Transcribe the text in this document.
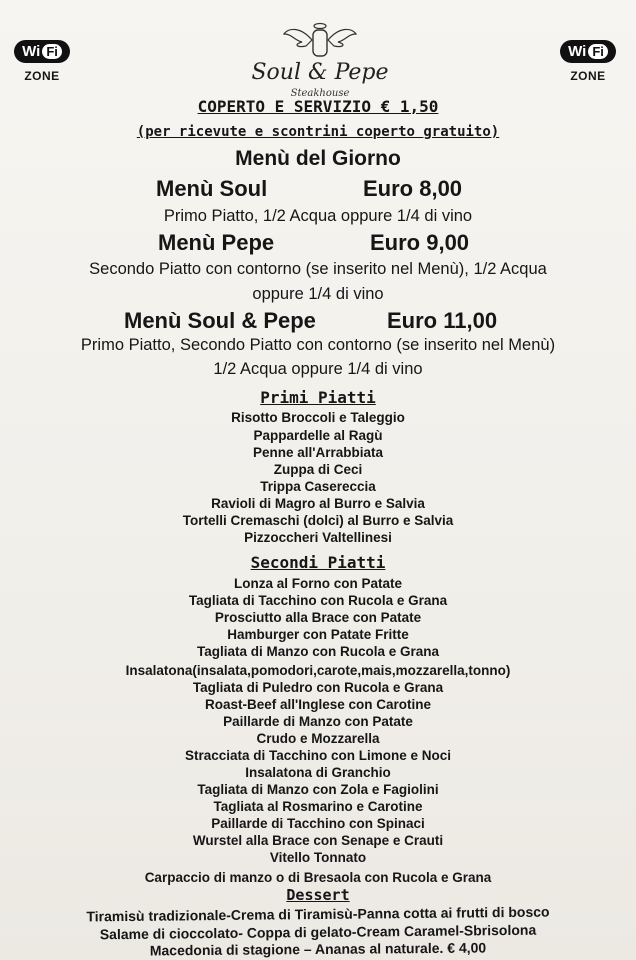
Wi Fi
ZONE
Wi Fi
ZONE
Soul & Pepe
Steakhouse
COPERTO E SERVIZIO € 1,50
(per ricevute e scontrini coperto gratuito)
Menù del Giorno
Menù Soul	Euro 8,00
Primo Piatto, 1/2 Acqua oppure 1/4 di vino
Menù Pepe	Euro 9,00
Secondo Piatto con contorno (se inserito nel Menù), 1/2 Acqua
oppure 1/4 di vino
Menù Soul & Pepe	Euro 11,00
Primo Piatto, Secondo Piatto con contorno (se inserito nel Menù)
1/2 Acqua oppure 1/4 di vino
Primi Piatti
Risotto Broccoli e Taleggio
Pappardelle al Ragù
Penne all'Arrabbiata
Zuppa di Ceci
Trippa Casereccia
Ravioli di Magro al Burro e Salvia
Tortelli Cremaschi (dolci) al Burro e Salvia
Pizzoccheri Valtellinesi
Secondi Piatti
Lonza al Forno con Patate
Tagliata di Tacchino con Rucola e Grana
Prosciutto alla Brace con Patate
Hamburger con Patate Fritte
Tagliata di Manzo con Rucola e Grana
Insalatona(insalata,pomodori,carote,mais,mozzarella,tonno)
Tagliata di Puledro con Rucola e Grana
Roast-Beef all'Inglese con Carotine
Paillarde di Manzo con Patate
Crudo e Mozzarella
Stracciata di Tacchino con Limone e Noci
Insalatona di Granchio
Tagliata di Manzo con Zola e Fagiolini
Tagliata al Rosmarino e Carotine
Paillarde di Tacchino con Spinaci
Wurstel alla Brace con Senape e Crauti
Vitello Tonnato
Carpaccio di manzo o di Bresaola con Rucola e Grana
Dessert
Tiramisù tradizionale-Crema di Tiramisù-Panna cotta ai frutti di bosco
Salame di cioccolato- Coppa di gelato-Cream Caramel-Sbrisolona
Macedonia di stagione – Ananas al naturale. € 4,00
